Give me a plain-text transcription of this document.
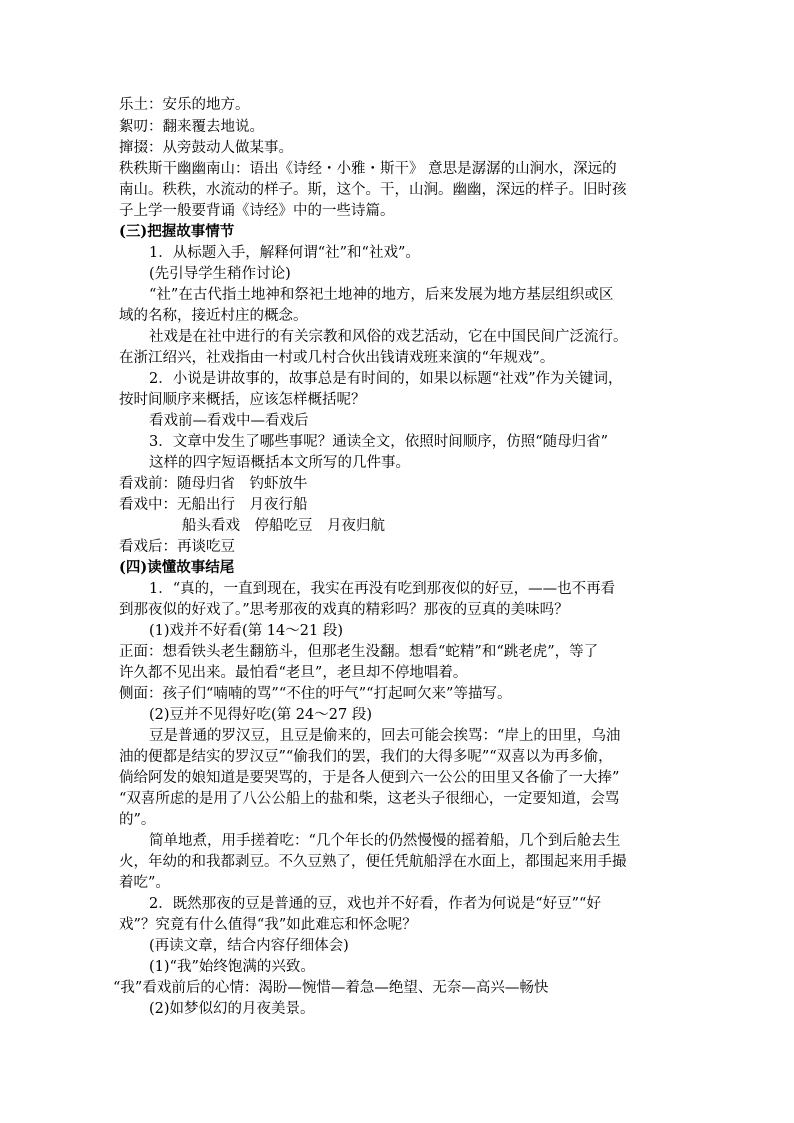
乐土：安乐的地方。
絮叨：翻来覆去地说。
撺掇：从旁鼓动人做某事。
秩秩斯干幽幽南山：语出《诗经・小雅・斯干》 意思是潺潺的山涧水，深远的
南山。秩秩，水流动的样子。斯，这个。干，山涧。幽幽，深远的样子。旧时孩
子上学一般要背诵《诗经》中的一些诗篇。
(三)把握故事情节
1．从标题入手，解释何谓“社”和“社戏”。
(先引导学生稍作讨论)
“社”在古代指土地神和祭祀土地神的地方，后来发展为地方基层组织或区
域的名称，接近村庄的概念。
社戏是在社中进行的有关宗教和风俗的戏艺活动，它在中国民间广泛流行。
在浙江绍兴，社戏指由一村或几村合伙出钱请戏班来演的“年规戏”。
2．小说是讲故事的，故事总是有时间的，如果以标题“社戏”作为关键词，
按时间顺序来概括，应该怎样概括呢？
看戏前—看戏中—看戏后
3．文章中发生了哪些事呢？通读全文，依照时间顺序，仿照“随母归省”
这样的四字短语概括本文所写的几件事。
看戏前：随母归省　钓虾放牛
看戏中：无船出行　月夜行船
船头看戏　停船吃豆　月夜归航
看戏后：再谈吃豆
(四)读懂故事结尾
1．“真的，一直到现在，我实在再没有吃到那夜似的好豆，——也不再看
到那夜似的好戏了。”思考那夜的戏真的精彩吗？那夜的豆真的美味吗？
(1)戏并不好看(第 14～21 段)
正面：想看铁头老生翻筋斗，但那老生没翻。想看“蛇精”和“跳老虎”，等了
许久都不见出来。最怕看“老旦”，老旦却不停地唱着。
侧面：孩子们“喃喃的骂”“不住的吁气”“打起呵欠来”等描写。
(2)豆并不见得好吃(第 24～27 段)
豆是普通的罗汉豆，且豆是偷来的，回去可能会挨骂：“岸上的田里，乌油
油的便都是结实的罗汉豆”“偷我们的罢，我们的大得多呢”“双喜以为再多偷，
倘给阿发的娘知道是要哭骂的，于是各人便到六一公公的田里又各偷了一大捧”
“双喜所虑的是用了八公公船上的盐和柴，这老头子很细心，一定要知道，会骂
的”。
简单地煮，用手搓着吃：“几个年长的仍然慢慢的摇着船，几个到后舱去生
火，年幼的和我都剥豆。不久豆熟了，便任凭航船浮在水面上，都围起来用手撮
着吃”。
2．既然那夜的豆是普通的豆，戏也并不好看，作者为何说是“好豆”“好
戏”？究竟有什么值得“我”如此难忘和怀念呢？
(再读文章，结合内容仔细体会)
(1)“我”始终饱满的兴致。
“我”看戏前后的心情：渴盼—惋惜—着急—绝望、无奈—高兴—畅快
(2)如梦似幻的月夜美景。
